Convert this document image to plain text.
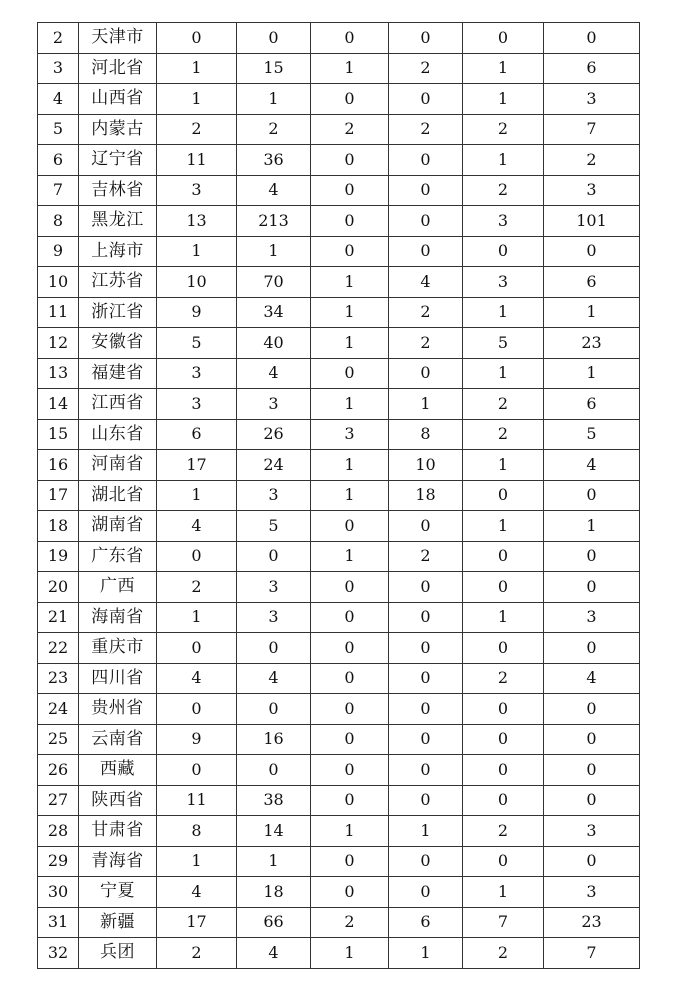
2	天津市	0	0	0	0	0	0
3	河北省	1	15	1	2	1	6
4	山西省	1	1	0	0	1	3
5	内蒙古	2	2	2	2	2	7
6	辽宁省	11	36	0	0	1	2
7	吉林省	3	4	0	0	2	3
8	黑龙江	13	213	0	0	3	101
9	上海市	1	1	0	0	0	0
10	江苏省	10	70	1	4	3	6
11	浙江省	9	34	1	2	1	1
12	安徽省	5	40	1	2	5	23
13	福建省	3	4	0	0	1	1
14	江西省	3	3	1	1	2	6
15	山东省	6	26	3	8	2	5
16	河南省	17	24	1	10	1	4
17	湖北省	1	3	1	18	0	0
18	湖南省	4	5	0	0	1	1
19	广东省	0	0	1	2	0	0
20	广西	2	3	0	0	0	0
21	海南省	1	3	0	0	1	3
22	重庆市	0	0	0	0	0	0
23	四川省	4	4	0	0	2	4
24	贵州省	0	0	0	0	0	0
25	云南省	9	16	0	0	0	0
26	西藏	0	0	0	0	0	0
27	陕西省	11	38	0	0	0	0
28	甘肃省	8	14	1	1	2	3
29	青海省	1	1	0	0	0	0
30	宁夏	4	18	0	0	1	3
31	新疆	17	66	2	6	7	23
32	兵团	2	4	1	1	2	7
